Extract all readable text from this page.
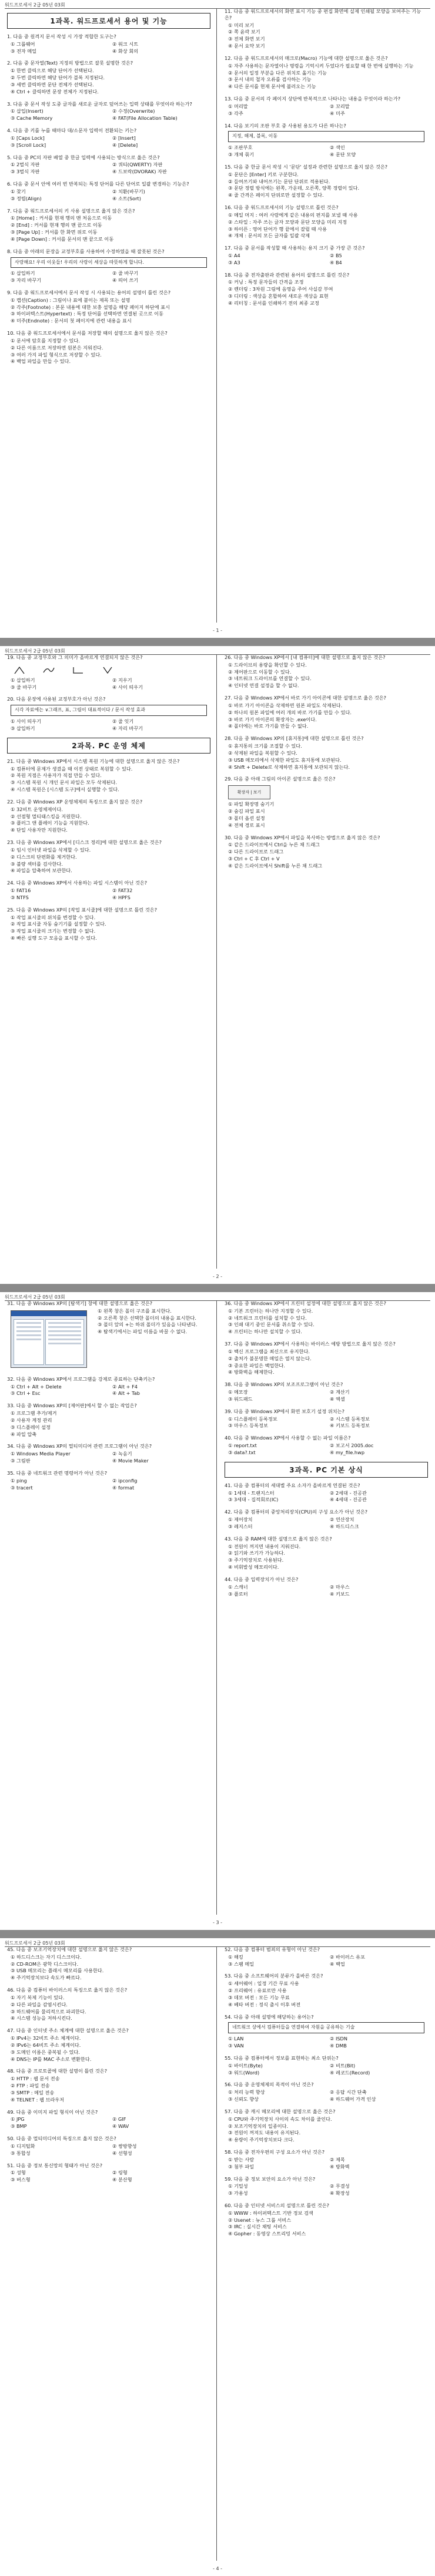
워드프로세서 2급 05년 03회
1과목. 워드프로세서 용어 및 기능
1. 다음 중 원격지 문서 작성 시 가장 적합한 도구는?
① 그룹웨어	② 워크 시트
③ 전자 메일	④ 화상 회의
2. 다음 중 문자열(Text) 지정의 방법으로 잘못 설명한 것은?
① 한번 클릭으로 해당 단어가 선택된다.
② 두번 클릭하면 해당 단어가 블록 지정된다.
③ 세번 클릭하면 문단 전체가 선택된다.
④ Ctrl + 클릭하면 문장 전체가 지정된다.
3. 다음 중 문서 작성 도중 글자를 새로운 글자로 덮어쓰는 입력 상태를 무엇이라 하는가?
① 삽입(Insert)	② 수정(Overwrite)
③ Cache Memory	④ FAT(File Allocation Table)
4. 다음 중 키를 누를 때마다 대/소문자 입력이 전환되는 키는?
① [Caps Lock]	② [Insert]
③ [Scroll Lock]	④ [Delete]
5. 다음 중 PC의 자판 배열 중 한글 입력에 사용되는 방식으로 옳은 것은?
① 2벌식 자판	② 쿼티(QWERTY) 자판
③ 3벌식 자판	④ 드보락(DVORAK) 자판
6. 다음 중 문서 안에 여러 번 반복되는 특정 단어를 다른 단어로 일괄 변경하는 기능은?
① 찾기	② 치환(바꾸기)
③ 정렬(Align)	④ 소트(Sort)
7. 다음 중 워드프로세서의 키 사용 설명으로 옳지 않은 것은?
① [Home] : 커서를 현재 행의 맨 처음으로 이동
② [End] : 커서를 현재 행의 맨 끝으로 이동
③ [Page Up] : 커서를 한 화면 위로 이동
④ [Page Down] : 커서를 문서의 맨 끝으로 이동
8. 다음 중 아래의 문장을 교정부호를 사용하여 수정하였을 때 잘못된 것은?
사랑해요! 우리 이웃들! 우리의 사랑이 세상을 따뜻하게 합니다.
① 삽입하기	② 줄 바꾸기
③ 자리 바꾸기	④ 띄어 쓰기
9. 다음 중 워드프로세서에서 문서 작성 시 사용되는 용어의 설명이 틀린 것은?
① 캡션(Caption) : 그림이나 표에 붙이는 제목 또는 설명
② 각주(Footnote) : 본문 내용에 대한 보충 설명을 해당 페이지 하단에 표시
③ 하이퍼텍스트(Hypertext) : 특정 단어를 선택하면 연결된 곳으로 이동
④ 미주(Endnote) : 문서의 첫 페이지에 관련 내용을 표시
10. 다음 중 워드프로세서에서 문서를 저장할 때의 설명으로 옳지 않은 것은?
① 문서에 암호를 지정할 수 있다.
② 다른 이름으로 저장하면 원본은 지워진다.
③ 여러 가지 파일 형식으로 저장할 수 있다.
④ 백업 파일을 만들 수 있다.
11. 다음 중 워드프로세서의 화면 표시 기능 중 편집 화면에 실제 인쇄될 모양을 보여주는 기능은?
① 미리 보기
② 쪽 윤곽 보기
③ 전체 화면 보기
④ 문서 요약 보기
12. 다음 중 워드프로세서의 매크로(Macro) 기능에 대한 설명으로 옳은 것은?
① 자주 사용하는 문자열이나 명령을 기억시켜 두었다가 필요할 때 한 번에 실행하는 기능
② 문서의 일정 부분을 다른 위치로 옮기는 기능
③ 문서 내의 철자 오류를 검사하는 기능
④ 다른 문서를 현재 문서에 불러오는 기능
13. 다음 중 문서의 각 페이지 상단에 반복적으로 나타나는 내용을 무엇이라 하는가?
① 머리말	② 꼬리말
③ 각주	④ 미주
14. 다음 보기의 조판 부호 중 사용된 용도가 다른 하나는?
지정, 해제, 블록, 이동
① 조판부호	② 색인
③ 개체 묶기	④ 문단 모양
15. 다음 중 한글 문서 작성 시 '문단' 설정과 관련한 설명으로 옳지 않은 것은?
① 문단은 [Enter] 키로 구분한다.
② 들여쓰기와 내어쓰기는 문단 단위로 적용된다.
③ 문단 정렬 방식에는 왼쪽, 가운데, 오른쪽, 양쪽 정렬이 있다.
④ 줄 간격은 페이지 단위로만 설정할 수 있다.
16. 다음 중 워드프로세서의 기능 설명으로 틀린 것은?
① 메일 머지 : 여러 사람에게 같은 내용의 편지를 보낼 때 사용
② 스타일 : 자주 쓰는 글자 모양과 문단 모양을 미리 지정
③ 하이픈 : 영어 단어가 행 끝에서 잘릴 때 사용
④ 개체 : 문서의 모든 글자를 일괄 삭제
17. 다음 중 문서를 작성할 때 사용하는 용지 크기 중 가장 큰 것은?
① A4	② B5
③ A3	④ B4
18. 다음 중 전자출판과 관련된 용어의 설명으로 틀린 것은?
① 커닝 : 특정 문자들의 간격을 조정
② 렌더링 : 3차원 그림에 음영을 주어 사실감 부여
③ 디더링 : 색상을 혼합하여 새로운 색상을 표현
④ 리터칭 : 문서를 인쇄하기 전의 최종 교정
- 1 -
워드프로세서 2급 05년 03회
19. 다음 중 교정부호와 그 의미가 올바르게 연결되지 않은 것은?
① 삽입하기	② 지우기
③ 줄 바꾸기	④ 사이 띄우기
20. 다음 문장에 사용된 교정부호가 아닌 것은?
시각 자료에는 ∨그래프, 표, 그림이 대표적이다 / 문서 작성 효과
① 사이 띄우기	② 줄 잇기
③ 삽입하기	④ 자리 바꾸기
2과목. PC 운영 체제
21. 다음 중 Windows XP에서 시스템 복원 기능에 대한 설명으로 옳지 않은 것은?
① 컴퓨터에 문제가 생겼을 때 이전 상태로 복원할 수 있다.
② 복원 지점은 사용자가 직접 만들 수 있다.
③ 시스템 복원 시 개인 문서 파일은 모두 삭제된다.
④ 시스템 복원은 [시스템 도구]에서 실행할 수 있다.
22. 다음 중 Windows XP 운영체제의 특징으로 옳지 않은 것은?
① 32비트 운영체제이다.
② 선점형 멀티태스킹을 지원한다.
③ 플러그 앤 플레이 기능을 지원한다.
④ 단일 사용자만 지원한다.
23. 다음 중 Windows XP에서 [디스크 정리]에 대한 설명으로 옳은 것은?
① 임시 인터넷 파일을 삭제할 수 있다.
② 디스크의 단편화를 제거한다.
③ 불량 섹터를 검사한다.
④ 파일을 압축하여 보관한다.
24. 다음 중 Windows XP에서 사용하는 파일 시스템이 아닌 것은?
① FAT16	② FAT32
③ NTFS	④ HPFS
25. 다음 중 Windows XP의 [작업 표시줄]에 대한 설명으로 틀린 것은?
① 작업 표시줄의 위치를 변경할 수 있다.
② 작업 표시줄 자동 숨기기를 설정할 수 있다.
③ 작업 표시줄의 크기는 변경할 수 없다.
④ 빠른 실행 도구 모음을 표시할 수 있다.
26. 다음 중 Windows XP에서 [내 컴퓨터]에 대한 설명으로 옳지 않은 것은?
① 드라이브의 용량을 확인할 수 있다.
② 제어판으로 이동할 수 있다.
③ 네트워크 드라이브를 연결할 수 있다.
④ 인터넷 연결 설정을 할 수 없다.
27. 다음 중 Windows XP에서 바로 가기 아이콘에 대한 설명으로 옳은 것은?
① 바로 가기 아이콘을 삭제하면 원본 파일도 삭제된다.
② 하나의 원본 파일에 여러 개의 바로 가기를 만들 수 있다.
③ 바로 가기 아이콘의 확장자는 .exe이다.
④ 폴더에는 바로 가기를 만들 수 없다.
28. 다음 중 Windows XP의 [휴지통]에 대한 설명으로 틀린 것은?
① 휴지통의 크기를 조절할 수 있다.
② 삭제된 파일을 복원할 수 있다.
③ USB 메모리에서 삭제한 파일도 휴지통에 보관된다.
④ Shift + Delete로 삭제하면 휴지통에 보관되지 않는다.
29. 다음 중 아래 그림의 아이콘 설명으로 옳은 것은?
확장자 | 보기
① 파일 확장명 숨기기
② 숨김 파일 표시
③ 폴더 옵션 설정
④ 전체 경로 표시
30. 다음 중 Windows XP에서 파일을 복사하는 방법으로 옳지 않은 것은?
① 같은 드라이브에서 Ctrl을 누른 채 드래그
② 다른 드라이브로 드래그
③ Ctrl + C 후 Ctrl + V
④ 같은 드라이브에서 Shift를 누른 채 드래그
- 2 -
워드프로세서 2급 05년 03회
31. 다음 중 Windows XP의 [탐색기] 창에 대한 설명으로 옳은 것은?
① 왼쪽 창은 폴더 구조를 표시한다.
② 오른쪽 창은 선택한 폴더의 내용을 표시한다.
③ 폴더 앞의 +는 하위 폴더가 있음을 나타낸다.
④ 탐색기에서는 파일 이름을 바꿀 수 없다.
32. 다음 중 Windows XP에서 프로그램을 강제로 종료하는 단축키는?
① Ctrl + Alt + Delete	② Alt + F4
③ Ctrl + Esc	④ Alt + Tab
33. 다음 중 Windows XP의 [제어판]에서 할 수 없는 작업은?
① 프로그램 추가/제거
② 사용자 계정 관리
③ 디스플레이 설정
④ 파일 압축
34. 다음 중 Windows XP의 멀티미디어 관련 프로그램이 아닌 것은?
① Windows Media Player	② 녹음기
③ 그림판	④ Movie Maker
35. 다음 중 네트워크 관련 명령어가 아닌 것은?
① ping	② ipconfig
③ tracert	④ format
36. 다음 중 Windows XP에서 프린터 설정에 대한 설명으로 옳지 않은 것은?
① 기본 프린터는 하나만 지정할 수 있다.
② 네트워크 프린터를 설치할 수 있다.
③ 인쇄 대기 중인 문서를 취소할 수 있다.
④ 프린터는 하나만 설치할 수 있다.
37. 다음 중 Windows XP에서 사용하는 바이러스 예방 방법으로 옳지 않은 것은?
① 백신 프로그램을 최신으로 유지한다.
② 출처가 불분명한 메일은 열지 않는다.
③ 중요한 파일은 백업한다.
④ 방화벽을 해제한다.
38. 다음 중 Windows XP의 보조프로그램이 아닌 것은?
① 메모장	② 계산기
③ 워드패드	④ 엑셀
39. 다음 중 Windows XP에서 화면 보호기 설정 위치는?
① 디스플레이 등록정보	② 시스템 등록정보
③ 마우스 등록정보	④ 키보드 등록정보
40. 다음 중 Windows XP에서 사용할 수 없는 파일 이름은?
① report.txt	② 보고서 2005.doc
③ data?.txt	④ my_file.hwp
3과목. PC 기본 상식
41. 다음 중 컴퓨터의 세대별 주요 소자가 올바르게 연결된 것은?
① 1세대 - 트랜지스터	② 2세대 - 진공관
③ 3세대 - 집적회로(IC)	④ 4세대 - 진공관
42. 다음 중 컴퓨터의 중앙처리장치(CPU)의 구성 요소가 아닌 것은?
① 제어장치	② 연산장치
③ 레지스터	④ 하드디스크
43. 다음 중 RAM에 대한 설명으로 옳지 않은 것은?
① 전원이 꺼지면 내용이 지워진다.
② 읽기와 쓰기가 가능하다.
③ 주기억장치로 사용된다.
④ 비휘발성 메모리이다.
44. 다음 중 입력장치가 아닌 것은?
① 스캐너	② 마우스
③ 플로터	④ 키보드
- 3 -
워드프로세서 2급 05년 03회
45. 다음 중 보조기억장치에 대한 설명으로 옳지 않은 것은?
① 하드디스크는 자기 디스크이다.
② CD-ROM은 광학 디스크이다.
③ USB 메모리는 플래시 메모리를 사용한다.
④ 주기억장치보다 속도가 빠르다.
46. 다음 중 컴퓨터 바이러스의 특징으로 옳지 않은 것은?
① 자기 복제 기능이 있다.
② 다른 파일을 감염시킨다.
③ 하드웨어를 물리적으로 파괴한다.
④ 시스템 성능을 저하시킨다.
47. 다음 중 인터넷 주소 체계에 대한 설명으로 옳은 것은?
① IPv4는 32비트 주소 체계이다.
② IPv6는 64비트 주소 체계이다.
③ 도메인 이름은 중복될 수 있다.
④ DNS는 IP를 MAC 주소로 변환한다.
48. 다음 중 프로토콜에 대한 설명이 틀린 것은?
① HTTP : 웹 문서 전송
② FTP : 파일 전송
③ SMTP : 메일 전송
④ TELNET : 웹 브라우저
49. 다음 중 이미지 파일 형식이 아닌 것은?
① JPG	② GIF
③ BMP	④ WAV
50. 다음 중 멀티미디어의 특징으로 옳지 않은 것은?
① 디지털화	② 쌍방향성
③ 통합성	④ 선형성
51. 다음 중 정보 통신망의 형태가 아닌 것은?
① 성형	② 링형
③ 버스형	④ 분산형
52. 다음 중 컴퓨터 범죄의 유형이 아닌 것은?
① 해킹	② 바이러스 유포
③ 스팸 메일	④ 백업
53. 다음 중 소프트웨어의 분류가 올바른 것은?
① 셰어웨어 : 일정 기간 무료 사용
② 프리웨어 : 유료로만 사용
③ 데모 버전 : 모든 기능 무료
④ 베타 버전 : 정식 출시 이후 버전
54. 다음 중 아래 설명에 해당하는 용어는?
네트워크 상에서 컴퓨터들을 연결하여 자원을 공유하는 기술
① LAN	② ISDN
③ VAN	④ DMB
55. 다음 중 컴퓨터에서 정보를 표현하는 최소 단위는?
① 바이트(Byte)	② 비트(Bit)
③ 워드(Word)	④ 레코드(Record)
56. 다음 중 운영체제의 목적이 아닌 것은?
① 처리 능력 향상	② 응답 시간 단축
③ 신뢰도 향상	④ 하드웨어 가격 인상
57. 다음 중 캐시 메모리에 대한 설명으로 옳은 것은?
① CPU와 주기억장치 사이의 속도 차이를 줄인다.
② 보조기억장치의 일종이다.
③ 전원이 꺼져도 내용이 유지된다.
④ 용량이 주기억장치보다 크다.
58. 다음 중 전자우편의 구성 요소가 아닌 것은?
① 받는 사람	② 제목
③ 첨부 파일	④ 방화벽
59. 다음 중 정보 보안의 요소가 아닌 것은?
① 기밀성	② 무결성
③ 가용성	④ 확장성
60. 다음 중 인터넷 서비스의 설명으로 틀린 것은?
① WWW : 하이퍼텍스트 기반 정보 검색
② Usenet : 뉴스 그룹 서비스
③ IRC : 실시간 채팅 서비스
④ Gopher : 동영상 스트리밍 서비스
- 4 -
